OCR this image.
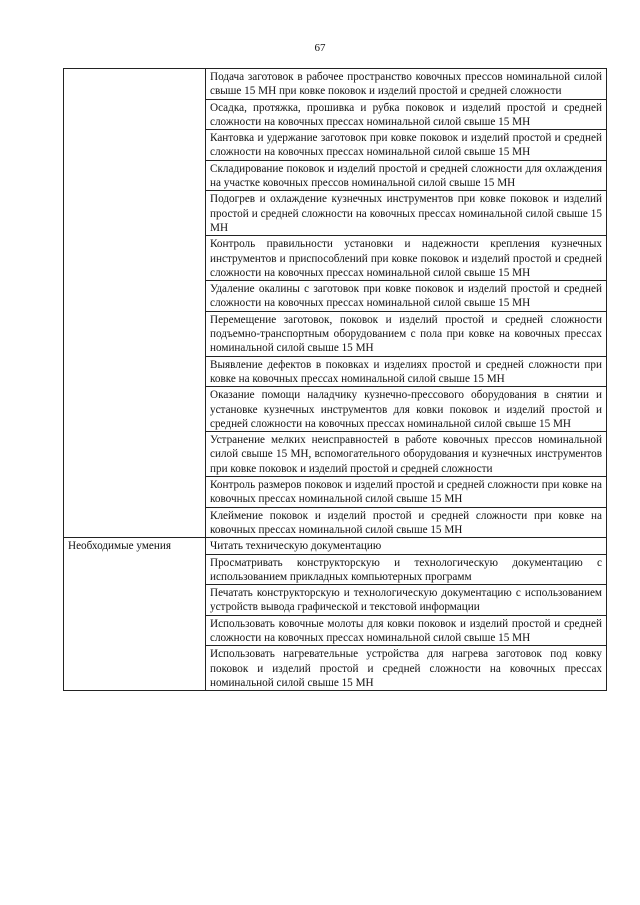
67
	Подача заготовок в рабочее пространство ковочных прессов номинальной силой свыше 15 МН при ковке поковок и изделий простой и средней сложности
	Осадка, протяжка, прошивка и рубка поковок и изделий простой и средней сложности на ковочных прессах номинальной силой свыше 15 МН
	Кантовка и удержание заготовок при ковке поковок и изделий простой и средней сложности на ковочных прессах номинальной силой свыше 15 МН
	Складирование поковок и изделий простой и средней сложности для охлаждения на участке ковочных прессов номинальной силой свыше 15 МН
	Подогрев и охлаждение кузнечных инструментов при ковке поковок и изделий простой и средней сложности на ковочных прессах номинальной силой свыше 15 МН
	Контроль правильности установки и надежности крепления кузнечных инструментов и приспособлений при ковке поковок и изделий простой и средней сложности на ковочных прессах номинальной силой свыше 15 МН
	Удаление окалины с заготовок при ковке поковок и изделий простой и средней сложности на ковочных прессах номинальной силой свыше 15 МН
	Перемещение заготовок, поковок и изделий простой и средней сложности подъемно-транспортным оборудованием с пола при ковке на ковочных прессах номинальной силой свыше 15 МН
	Выявление дефектов в поковках и изделиях простой и средней сложности при ковке на ковочных прессах номинальной силой свыше 15 МН
	Оказание помощи наладчику кузнечно-прессового оборудования в снятии и установке кузнечных инструментов для ковки поковок и изделий простой и средней сложности на ковочных прессах номинальной силой свыше 15 МН
	Устранение мелких неисправностей в работе ковочных прессов номинальной силой свыше 15 МН, вспомогательного оборудования и кузнечных инструментов при ковке поковок и изделий простой и средней сложности
	Контроль размеров поковок и изделий простой и средней сложности при ковке на ковочных прессах номинальной силой свыше 15 МН
	Клеймение поковок и изделий простой и средней сложности при ковке на ковочных прессах номинальной силой свыше 15 МН
Необходимые умения	Читать техническую документацию
	Просматривать конструкторскую и технологическую документацию с использованием прикладных компьютерных программ
	Печатать конструкторскую и технологическую документацию с использованием устройств вывода графической и текстовой информации
	Использовать ковочные молоты для ковки поковок и изделий простой и средней сложности на ковочных прессах номинальной силой свыше 15 МН
	Использовать нагревательные устройства для нагрева заготовок под ковку поковок и изделий простой и средней сложности на ковочных прессах номинальной силой свыше 15 МН
